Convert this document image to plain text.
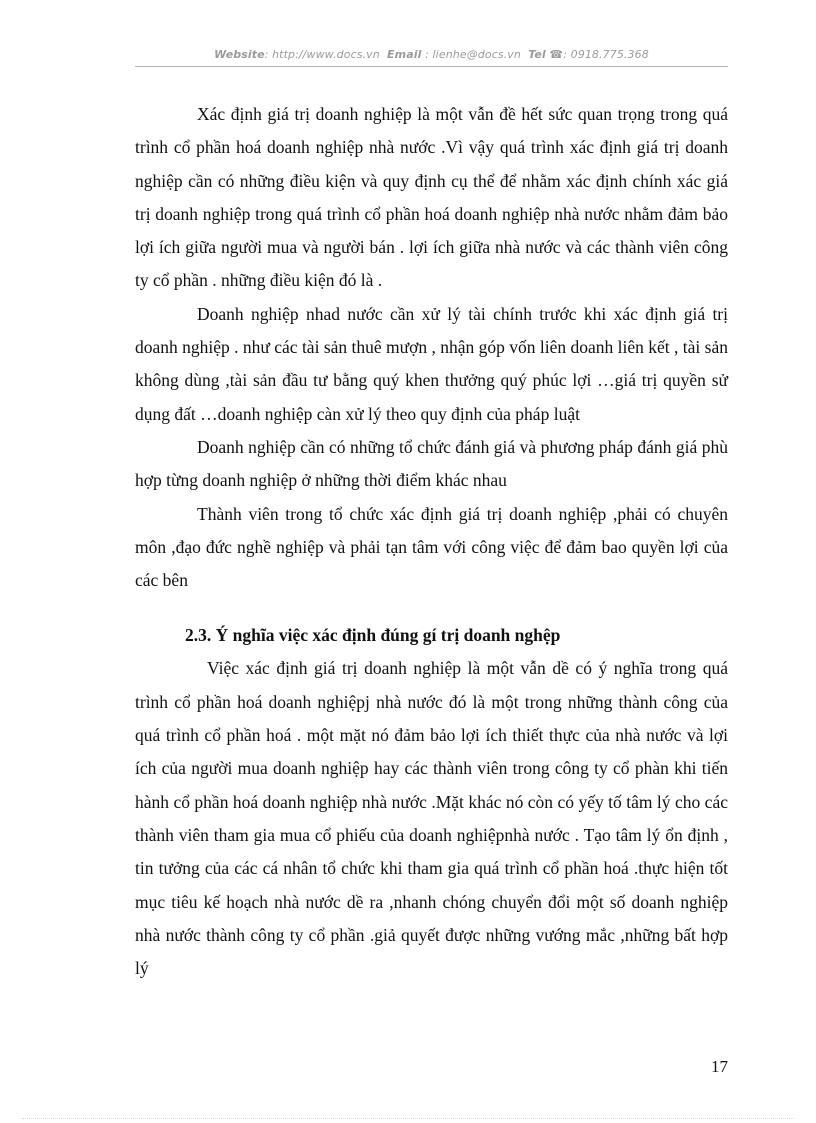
Website: http://www.docs.vn Email : lienhe@docs.vn Tel ☎: 0918.775.368

Xác định giá trị doanh nghiệp là một vẫn đề hết sức quan trọng trong quá trình cổ phần hoá doanh nghiệp nhà nước .Vì vậy quá trình xác định giá trị doanh nghiệp cần có những điều kiện và quy định cụ thể để nhằm xác định chính xác giá trị doanh nghiệp trong quá trình cổ phần hoá doanh nghiệp nhà nước nhằm đảm bảo lợi ích giữa người mua và người bán . lợi ích giữa nhà nước và các thành viên công ty cổ phần . những điều kiện đó là .

Doanh nghiệp nhad nước cần xử lý tài chính trước khi xác định giá trị doanh nghiệp . như các tài sản thuê mượn , nhận góp vốn liên doanh liên kết , tài sản không dùng ,tài sản đầu tư bằng quý khen thưởng quý phúc lợi …giá trị quyền sử dụng đất …doanh nghiệp càn xử lý theo quy định của pháp luật

Doanh nghiệp cần có những tổ chức đánh giá và phương pháp đánh giá phù hợp từng doanh nghiệp ở những thời điểm khác nhau

Thành viên trong tổ chức xác định giá trị doanh nghiệp ,phải có chuyên môn ,đạo đức nghề nghiệp và phải tạn tâm với công việc để đảm bao quyền lợi của các bên

2.3. Ý nghĩa việc xác định đúng gí trị doanh nghệp

Việc xác định giá trị doanh nghiệp là một vẫn dề có ý nghĩa trong quá trình cổ phần hoá doanh nghiệpj nhà nước đó là một trong những thành công của quá trình cổ phần hoá . một mặt nó đảm bảo lợi ích thiết thực của nhà nước và lợi ích của người mua doanh nghiệp hay các thành viên trong công ty cổ phàn khi tiến hành cổ phần hoá doanh nghiệp nhà nước .Mặt khác nó còn có yếy tố tâm lý cho các thành viên tham gia mua cổ phiếu của doanh nghiệpnhà nước . Tạo tâm lý ổn định , tin tưởng của các cá nhân tổ chức khi tham gia quá trình cổ phần hoá .thực hiện tốt mục tiêu kế hoạch nhà nước dề ra ,nhanh chóng chuyển đổi một số doanh nghiệp nhà nước thành công ty cổ phần .giả quyết được những vướng mắc ,những bất hợp lý

17
